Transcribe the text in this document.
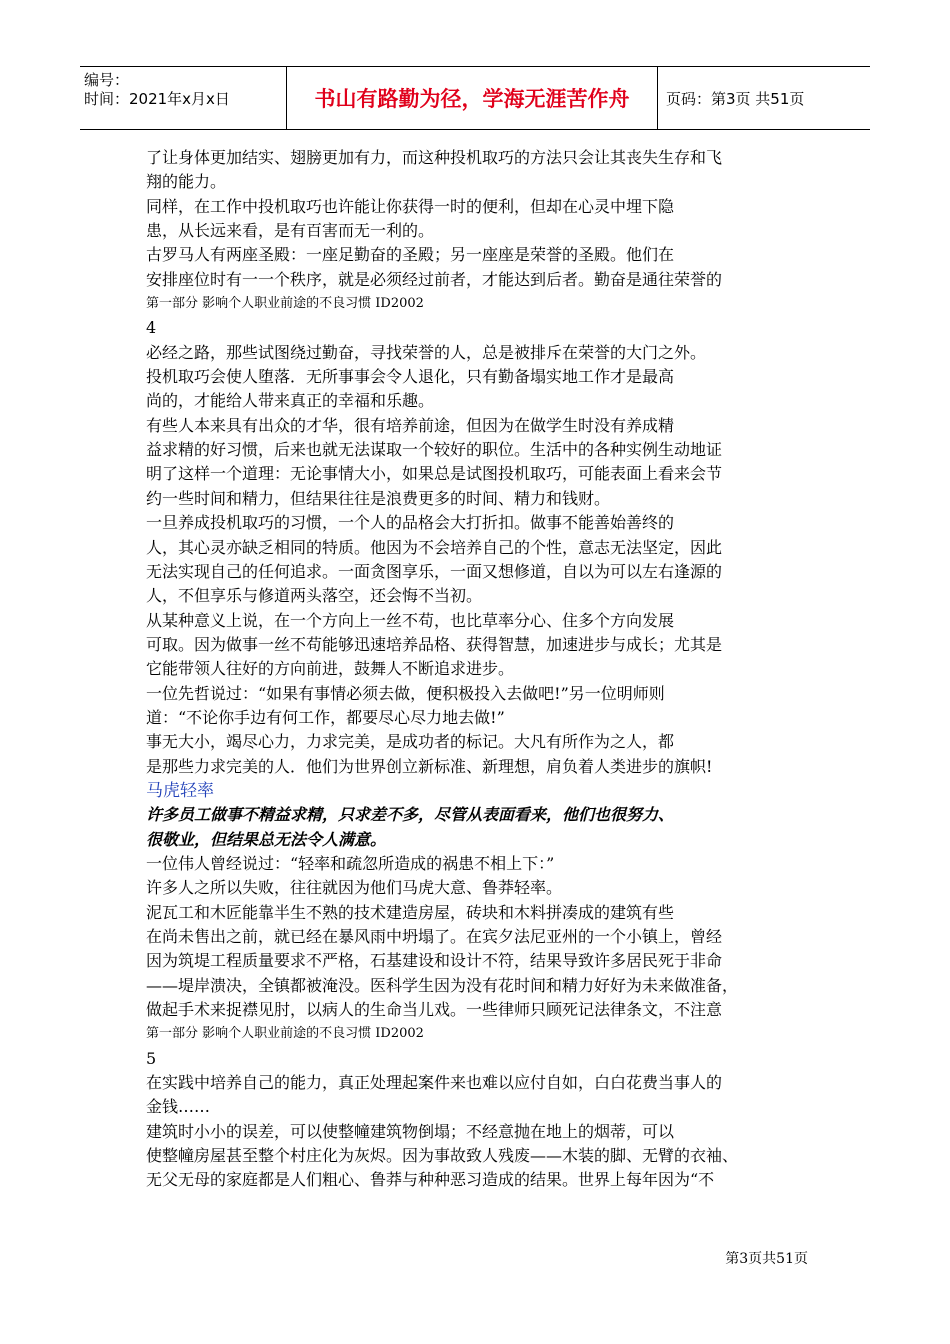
编号：
时间：2021年x月x日	书山有路勤为径，学海无涯苦作舟	页码：第3页 共51页
了让身体更加结实、翅膀更加有力，而这种投机取巧的方法只会让其丧失生存和飞
翔的能力。
同样，在工作中投机取巧也许能让你获得一时的便利，但却在心灵中埋下隐
患，从长远来看，是有百害而无一利的。
古罗马人有两座圣殿：一座足勤奋的圣殿；另一座座是荣誉的圣殿。他们在
安排座位时有一一个秩序，就是必须经过前者，才能达到后者。勤奋是通往荣誉的
第一部分 影响个人职业前途的不良习惯 ID2002
4
必经之路，那些试图绕过勤奋，寻找荣誉的人，总是被排斥在荣誉的大门之外。
投机取巧会使人堕落．无所事事会令人退化，只有勤备塌实地工作才是最高
尚的，才能给人带来真正的幸福和乐趣。
有些人本来具有出众的才华，很有培养前途，但因为在做学生时没有养成精
益求精的好习惯，后来也就无法谋取一个较好的职位。生活中的各种实例生动地证
明了这样一个道理：无论事情大小，如果总是试图投机取巧，可能表面上看来会节
约一些时间和精力，但结果往往是浪费更多的时间、精力和钱财。
一旦养成投机取巧的习惯，一个人的品格会大打折扣。做事不能善始善终的
人，其心灵亦缺乏相同的特质。他因为不会培养自己的个性，意志无法坚定，因此
无法实现自己的任何追求。一面贪图享乐，一面又想修道，自以为可以左右逢源的
人，不但享乐与修道两头落空，还会悔不当初。
从某种意义上说，在一个方向上一丝不苟，也比草率分心、住多个方向发展
可取。因为做事一丝不苟能够迅速培养品格、获得智慧，加速进步与成长；尤其是
它能带领人往好的方向前进，鼓舞人不断追求进步。
一位先哲说过：“如果有事情必须去做，便积极投入去做吧!”另一位明师则
道：“不论你手边有何工作，都要尽心尽力地去做!”
事无大小，竭尽心力，力求完美，是成功者的标记。大凡有所作为之人，都
是那些力求完美的人．他们为世界创立新标准、新理想，肩负着人类进步的旗帜!
马虎轻率
许多员工做事不精益求精，只求差不多，尽管从表面看来，他们也很努力、
很敬业，但结果总无法令人满意。
一位伟人曾经说过：“轻率和疏忽所造成的祸患不相上下：”
许多人之所以失败，往往就因为他们马虎大意、鲁莽轻率。
泥瓦工和木匠能靠半生不熟的技术建造房屋，砖块和木料拼凑成的建筑有些
在尚未售出之前，就已经在暴风雨中坍塌了。在宾夕法尼亚州的一个小镇上，曾经
因为筑堤工程质量要求不严格，石基建设和设计不符，结果导致许多居民死于非命
——堤岸溃决，全镇都被淹没。医科学生因为没有花时间和精力好好为未来做准备，
做起手术来捉襟见肘，以病人的生命当儿戏。一些律师只顾死记法律条文，不注意
第一部分 影响个人职业前途的不良习惯 ID2002
5
在实践中培养自己的能力，真正处理起案件来也难以应付自如，白白花费当事人的
金钱……
建筑时小小的误差，可以使整幢建筑物倒塌；不经意抛在地上的烟蒂，可以
使整幢房屋甚至整个村庄化为灰烬。因为事故致人残废——木装的脚、无臂的衣袖、
无父无母的家庭都是人们粗心、鲁莽与种种恶习造成的结果。世界上每年因为“不
第3页共51页
